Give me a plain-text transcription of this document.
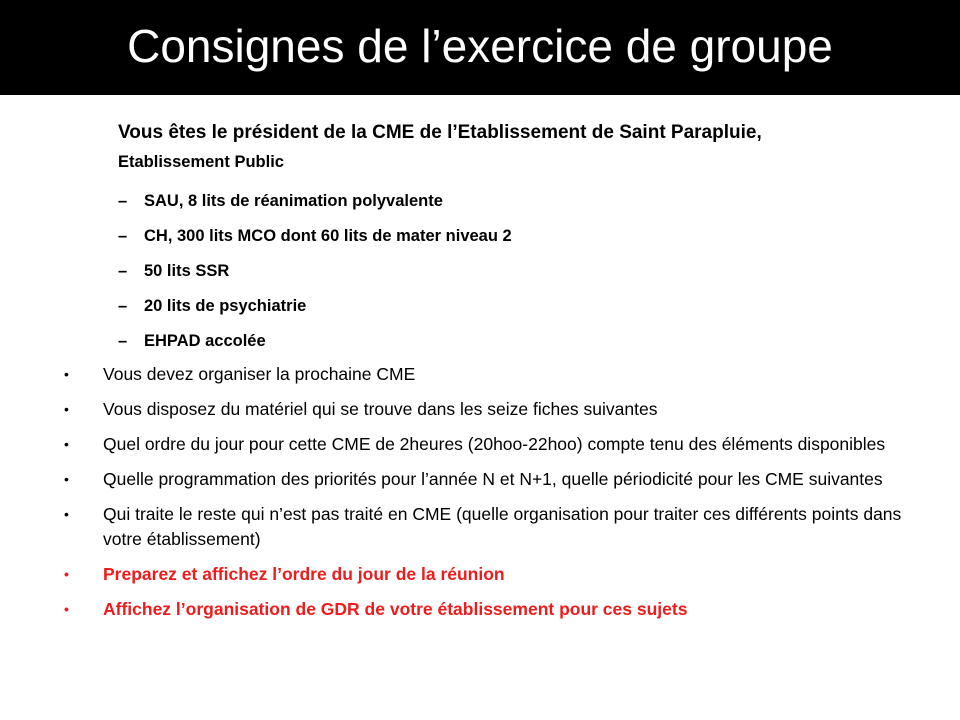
Consignes de l’exercice de groupe
Vous êtes le président de la CME de l’Etablissement de Saint Parapluie,
Etablissement Public
–	SAU, 8 lits de réanimation polyvalente
–	CH, 300 lits MCO dont 60 lits de mater niveau 2
–	50 lits SSR
–	20 lits de psychiatrie
–	EHPAD accolée
• Vous devez organiser la prochaine CME
• Vous disposez du matériel qui se trouve dans les seize fiches suivantes
• Quel ordre du jour pour cette CME de 2heures (20hoo-22hoo) compte tenu des éléments disponibles
• Quelle programmation des priorités pour l’année N et N+1, quelle périodicité pour les CME suivantes
• Qui traite le reste qui n’est pas traité en CME (quelle organisation pour traiter ces différents points dans votre établissement)
• Preparez et affichez l’ordre du jour de la réunion
• Affichez l’organisation de GDR de votre établissement pour ces sujets
